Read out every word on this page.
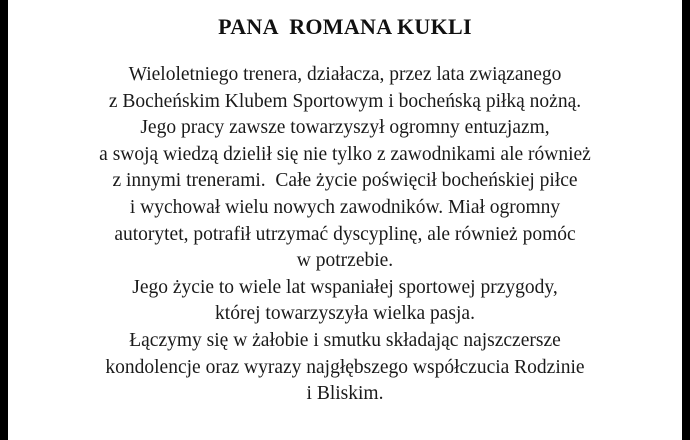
PANA  ROMANA KUKLI
Wieloletniego trenera, działacza, przez lata związanego
z Bocheńskim Klubem Sportowym i bocheńską piłką nożną.
Jego pracy zawsze towarzyszył ogromny entuzjazm,
a swoją wiedzą dzielił się nie tylko z zawodnikami ale również
z innymi trenerami.  Całe życie poświęcił bocheńskiej piłce
i wychował wielu nowych zawodników. Miał ogromny
autorytet, potrafił utrzymać dyscyplinę, ale również pomóc
w potrzebie.
Jego życie to wiele lat wspaniałej sportowej przygody,
której towarzyszyła wielka pasja.
Łączymy się w żałobie i smutku składając najszczersze
kondolencje oraz wyrazy najgłębszego współczucia Rodzinie
i Bliskim.
